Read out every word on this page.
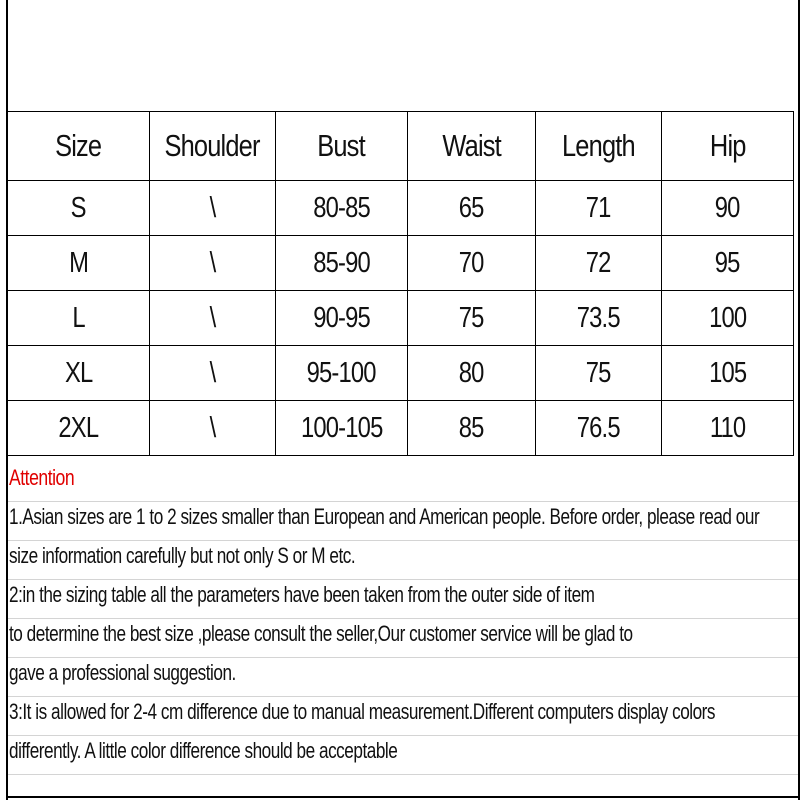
Size	Shoulder	Bust	Waist	Length	Hip
S	\	80-85	65	71	90
M	\	85-90	70	72	95
L	\	90-95	75	73.5	100
XL	\	95-100	80	75	105
2XL	\	100-105	85	76.5	110
Attention
1.Asian sizes are 1 to 2 sizes smaller than European and American people. Before order, please read our
size information carefully but not only S or M etc.
2:in the sizing table all the parameters have been taken from the outer side of item
to determine the best size ,please consult the seller,Our customer service will be glad to
gave a professional suggestion.
3:It is allowed for 2-4 cm difference due to manual measurement.Different computers display colors
differently. A little color difference should be acceptable
